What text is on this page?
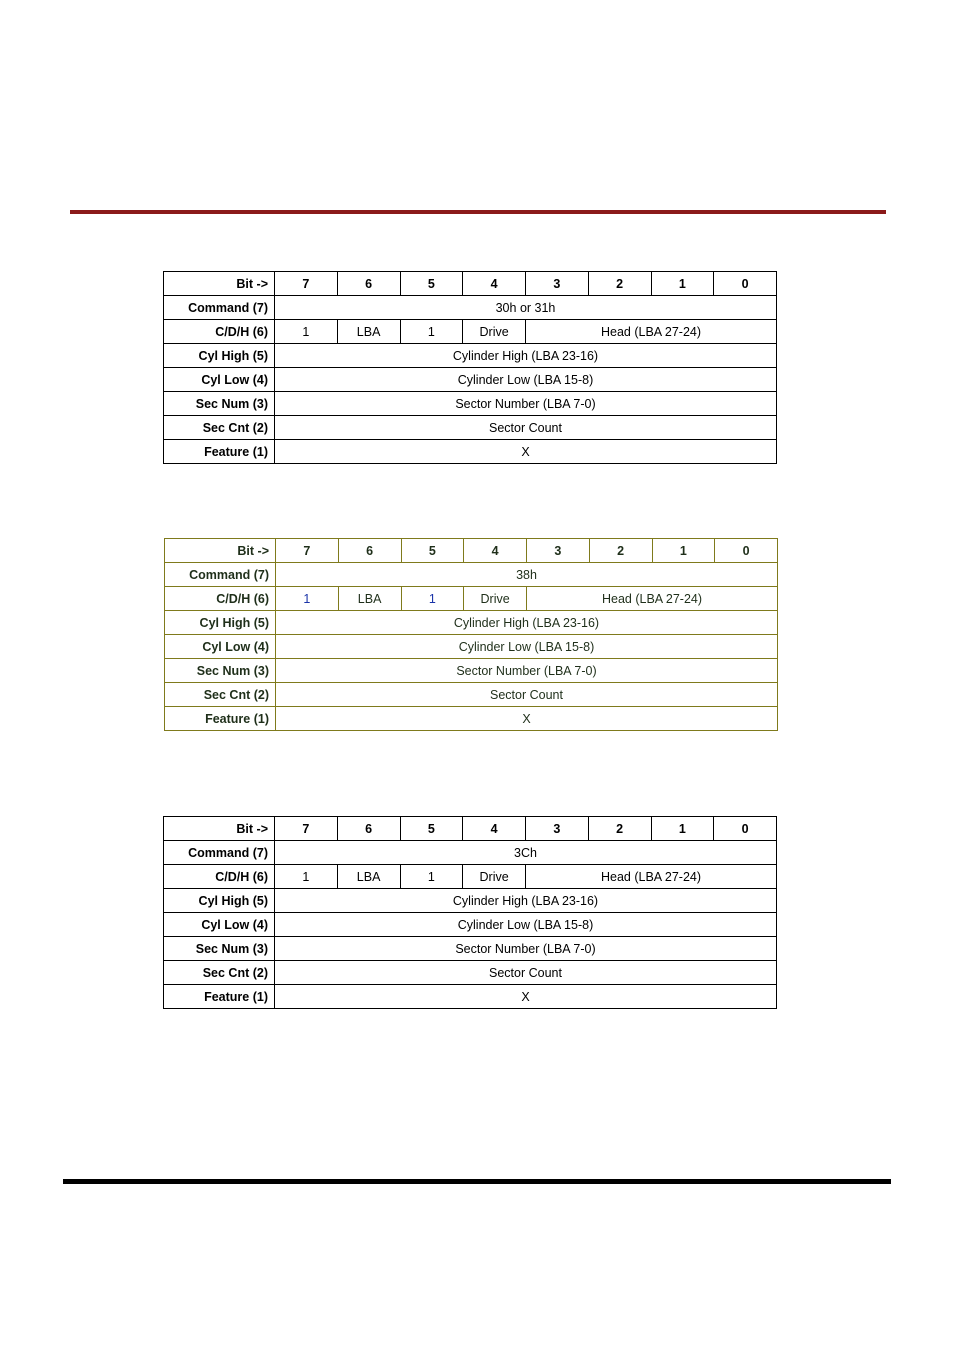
Bit ->	7	6	5	4	3	2	1	0
Command (7)	30h or 31h							
C/D/H (6)	1	LBA	1	Drive	Head (LBA 27-24)			
Cyl High (5)	Cylinder High (LBA 23-16)							
Cyl Low (4)	Cylinder Low (LBA 15-8)							
Sec Num (3)	Sector Number (LBA 7-0)							
Sec Cnt (2)	Sector Count							
Feature (1)	X							
Bit ->	7	6	5	4	3	2	1	0
Command (7)	38h							
C/D/H (6)	1	LBA	1	Drive	Head (LBA 27-24)			
Cyl High (5)	Cylinder High (LBA 23-16)							
Cyl Low (4)	Cylinder Low (LBA 15-8)							
Sec Num (3)	Sector Number (LBA 7-0)							
Sec Cnt (2)	Sector Count							
Feature (1)	X							
Bit ->	7	6	5	4	3	2	1	0
Command (7)	3Ch							
C/D/H (6)	1	LBA	1	Drive	Head (LBA 27-24)			
Cyl High (5)	Cylinder High (LBA 23-16)							
Cyl Low (4)	Cylinder Low (LBA 15-8)							
Sec Num (3)	Sector Number (LBA 7-0)							
Sec Cnt (2)	Sector Count							
Feature (1)	X							
